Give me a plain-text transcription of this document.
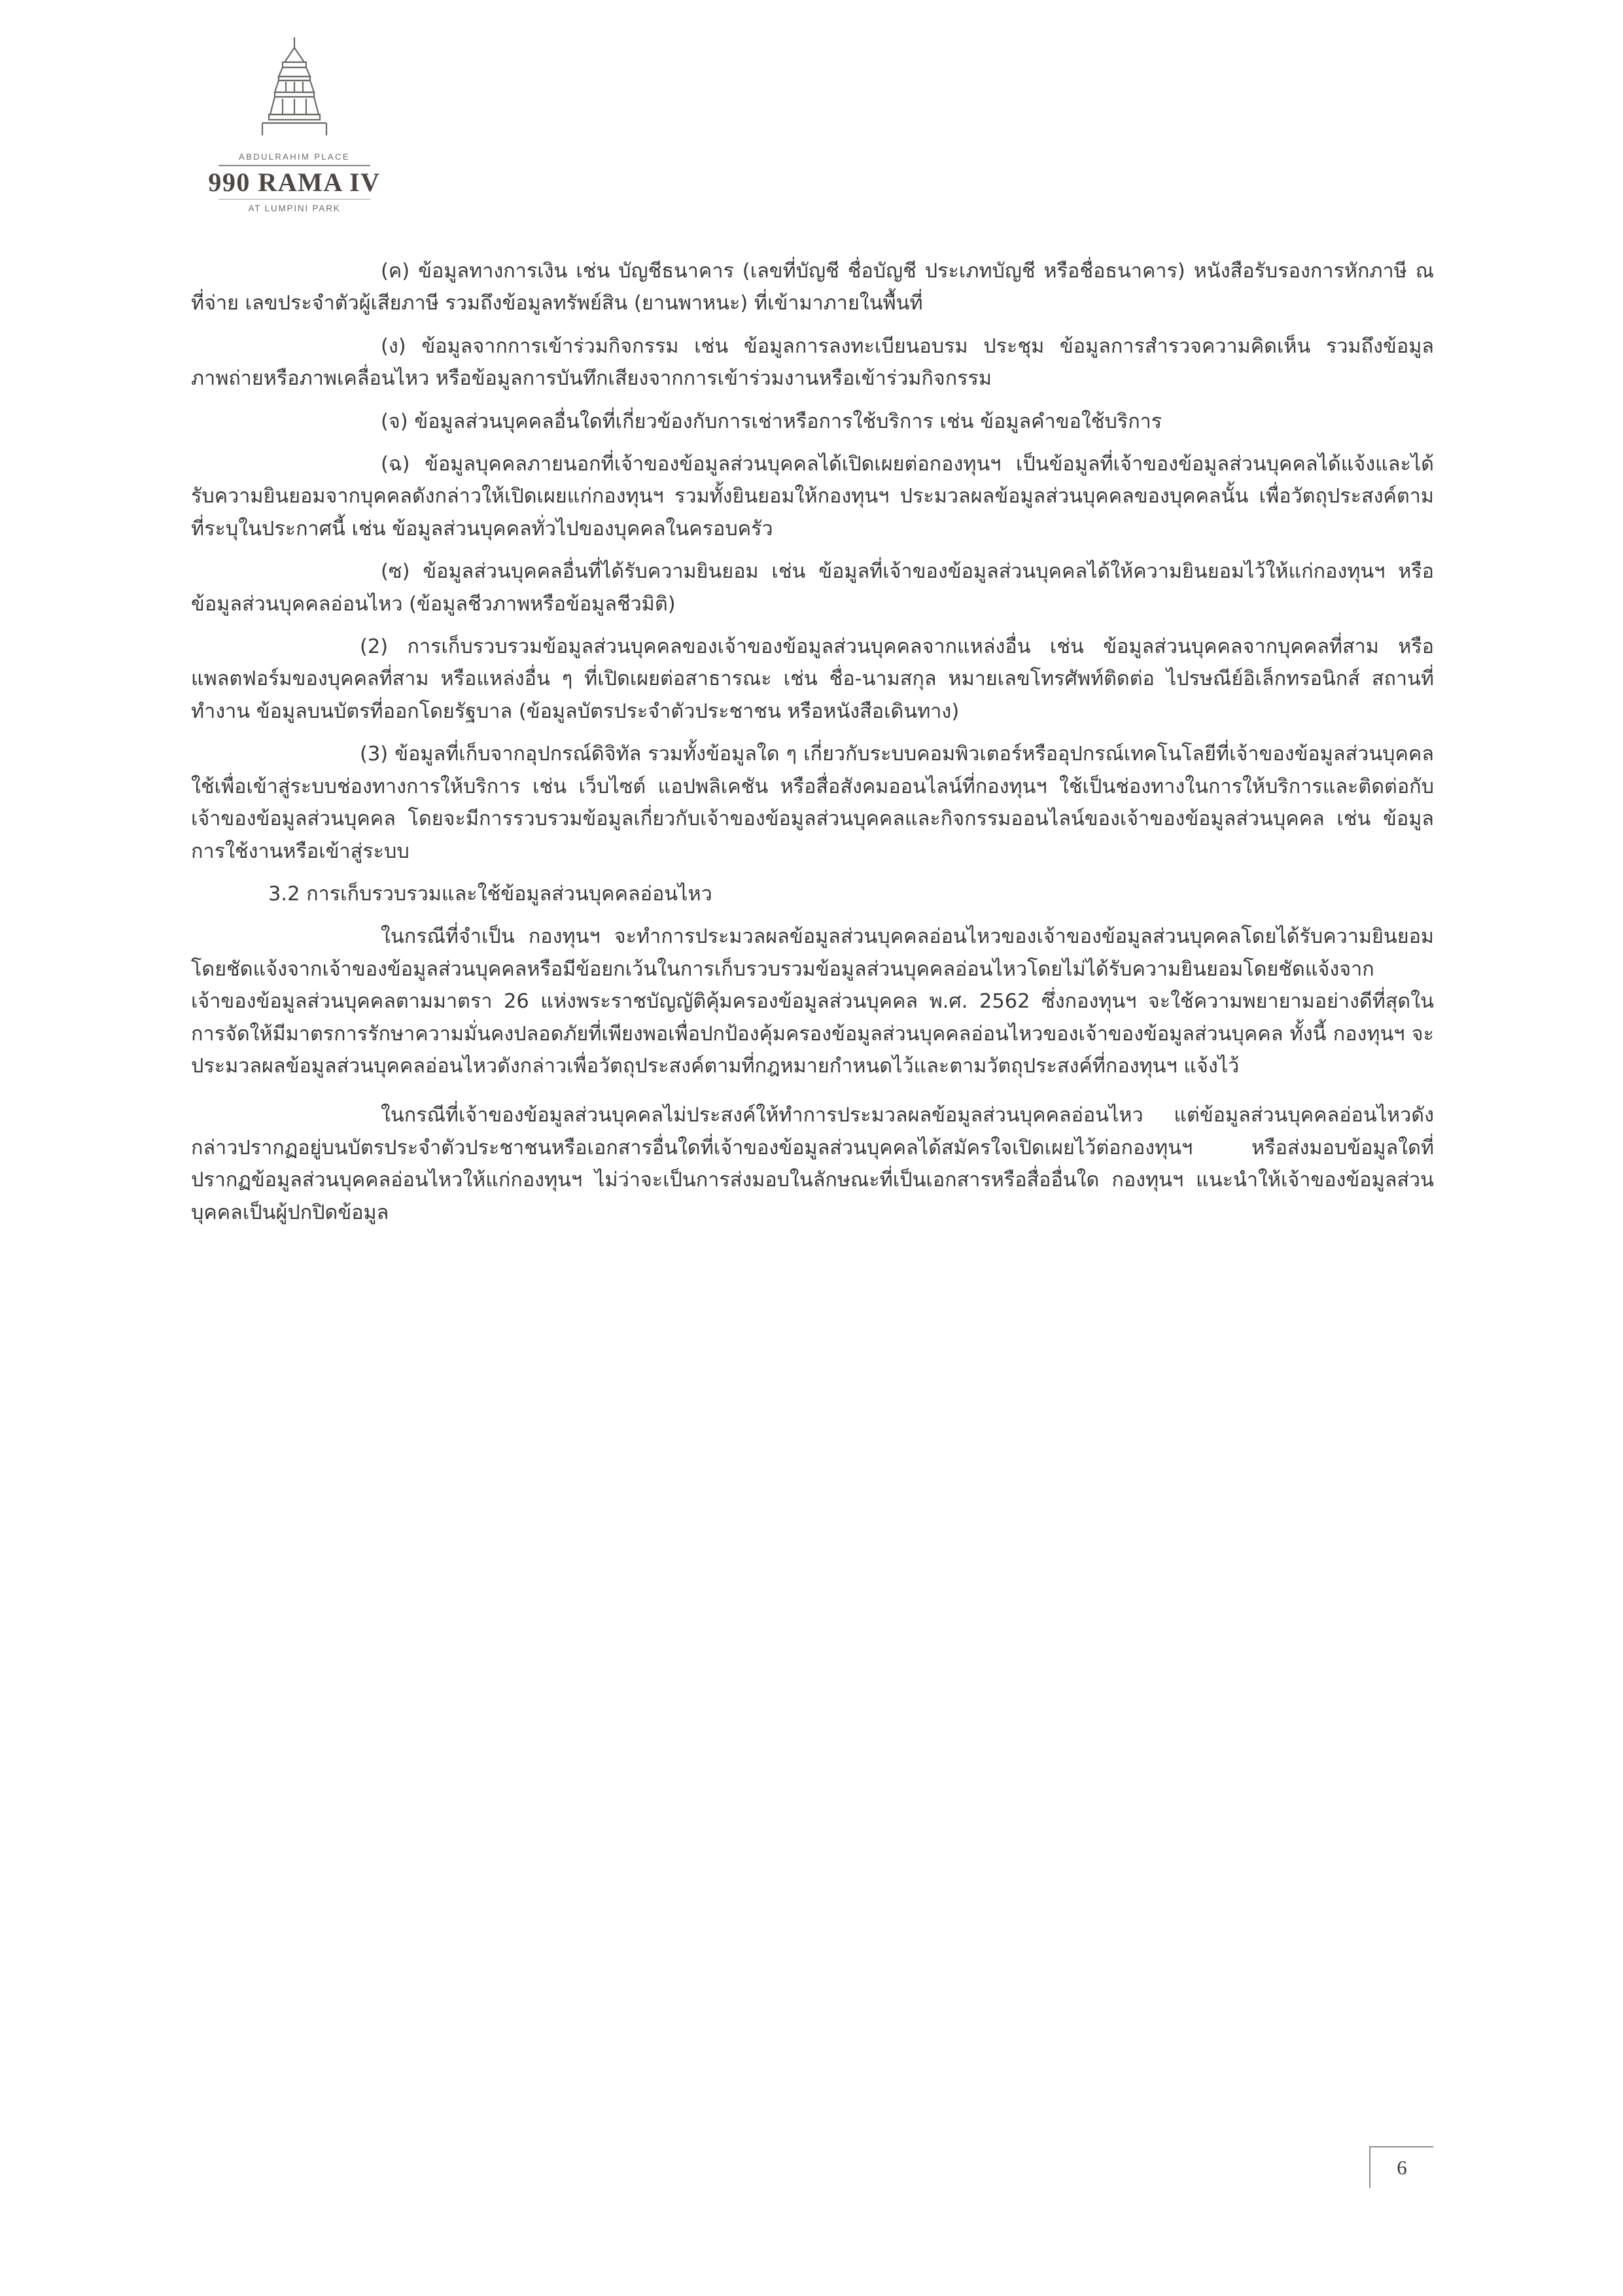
ABDULRAHIM PLACE
990 RAMA IV
AT LUMPINI PARK

(ค) ข้อมูลทางการเงิน เช่น บัญชีธนาคาร (เลขที่บัญชี ชื่อบัญชี ประเภทบัญชี หรือชื่อธนาคาร) หนังสือรับรองการหักภาษี ณ ที่จ่าย เลขประจำตัวผู้เสียภาษี รวมถึงข้อมูลทรัพย์สิน (ยานพาหนะ) ที่เข้ามาภายในพื้นที่

(ง) ข้อมูลจากการเข้าร่วมกิจกรรม เช่น ข้อมูลการลงทะเบียนอบรม ประชุม ข้อมูลการสำรวจความคิดเห็น รวมถึงข้อมูลภาพถ่ายหรือภาพเคลื่อนไหว หรือข้อมูลการบันทึกเสียงจากการเข้าร่วมงานหรือเข้าร่วมกิจกรรม

(จ) ข้อมูลส่วนบุคคลอื่นใดที่เกี่ยวข้องกับการเช่าหรือการใช้บริการ เช่น ข้อมูลคำขอใช้บริการ

(ฉ) ข้อมูลบุคคลภายนอกที่เจ้าของข้อมูลส่วนบุคคลได้เปิดเผยต่อกองทุนฯ เป็นข้อมูลที่เจ้าของข้อมูลส่วนบุคคลได้แจ้งและได้รับความยินยอมจากบุคคลดังกล่าวให้เปิดเผยแก่กองทุนฯ รวมทั้งยินยอมให้กองทุนฯ ประมวลผลข้อมูลส่วนบุคคลของบุคคลนั้น เพื่อวัตถุประสงค์ตามที่ระบุในประกาศนี้ เช่น ข้อมูลส่วนบุคคลทั่วไปของบุคคลในครอบครัว

(ซ) ข้อมูลส่วนบุคคลอื่นที่ได้รับความยินยอม เช่น ข้อมูลที่เจ้าของข้อมูลส่วนบุคคลได้ให้ความยินยอมไว้ให้แก่กองทุนฯ หรือข้อมูลส่วนบุคคลอ่อนไหว (ข้อมูลชีวภาพหรือข้อมูลชีวมิติ)

(2) การเก็บรวบรวมข้อมูลส่วนบุคคลของเจ้าของข้อมูลส่วนบุคคลจากแหล่งอื่น เช่น ข้อมูลส่วนบุคคลจากบุคคลที่สาม หรือแพลตฟอร์มของบุคคลที่สาม หรือแหล่งอื่น ๆ ที่เปิดเผยต่อสาธารณะ เช่น ชื่อ-นามสกุล หมายเลขโทรศัพท์ติดต่อ ไปรษณีย์อิเล็กทรอนิกส์ สถานที่ทำงาน ข้อมูลบนบัตรที่ออกโดยรัฐบาล (ข้อมูลบัตรประจำตัวประชาชน หรือหนังสือเดินทาง)

(3) ข้อมูลที่เก็บจากอุปกรณ์ดิจิทัล รวมทั้งข้อมูลใด ๆ เกี่ยวกับระบบคอมพิวเตอร์หรืออุปกรณ์เทคโนโลยีที่เจ้าของข้อมูลส่วนบุคคลใช้เพื่อเข้าสู่ระบบช่องทางการให้บริการ เช่น เว็บไซต์ แอปพลิเคชัน หรือสื่อสังคมออนไลน์ที่กองทุนฯ ใช้เป็นช่องทางในการให้บริการและติดต่อกับเจ้าของข้อมูลส่วนบุคคล โดยจะมีการรวบรวมข้อมูลเกี่ยวกับเจ้าของข้อมูลส่วนบุคคลและกิจกรรมออนไลน์ของเจ้าของข้อมูลส่วนบุคคล เช่น ข้อมูลการใช้งานหรือเข้าสู่ระบบ

3.2 การเก็บรวบรวมและใช้ข้อมูลส่วนบุคคลอ่อนไหว

ในกรณีที่จำเป็น กองทุนฯ จะทำการประมวลผลข้อมูลส่วนบุคคลอ่อนไหวของเจ้าของข้อมูลส่วนบุคคลโดยได้รับความยินยอมโดยชัดแจ้งจากเจ้าของข้อมูลส่วนบุคคลหรือมีข้อยกเว้นในการเก็บรวบรวมข้อมูลส่วนบุคคลอ่อนไหวโดยไม่ได้รับความยินยอมโดยชัดแจ้งจากเจ้าของข้อมูลส่วนบุคคลตามมาตรา 26 แห่งพระราชบัญญัติคุ้มครองข้อมูลส่วนบุคคล พ.ศ. 2562 ซึ่งกองทุนฯ จะใช้ความพยายามอย่างดีที่สุดในการจัดให้มีมาตรการรักษาความมั่นคงปลอดภัยที่เพียงพอเพื่อปกป้องคุ้มครองข้อมูลส่วนบุคคลอ่อนไหวของเจ้าของข้อมูลส่วนบุคคล ทั้งนี้ กองทุนฯ จะประมวลผลข้อมูลส่วนบุคคลอ่อนไหวดังกล่าวเพื่อวัตถุประสงค์ตามที่กฎหมายกำหนดไว้และตามวัตถุประสงค์ที่กองทุนฯ แจ้งไว้

ในกรณีที่เจ้าของข้อมูลส่วนบุคคลไม่ประสงค์ให้ทำการประมวลผลข้อมูลส่วนบุคคลอ่อนไหว แต่ข้อมูลส่วนบุคคลอ่อนไหวดังกล่าวปรากฏอยู่บนบัตรประจำตัวประชาชนหรือเอกสารอื่นใดที่เจ้าของข้อมูลส่วนบุคคลได้สมัครใจเปิดเผยไว้ต่อกองทุนฯ หรือส่งมอบข้อมูลใดที่ปรากฏข้อมูลส่วนบุคคลอ่อนไหวให้แก่กองทุนฯ ไม่ว่าจะเป็นการส่งมอบในลักษณะที่เป็นเอกสารหรือสื่ออื่นใด กองทุนฯ แนะนำให้เจ้าของข้อมูลส่วนบุคคลเป็นผู้ปกปิดข้อมูล

6
